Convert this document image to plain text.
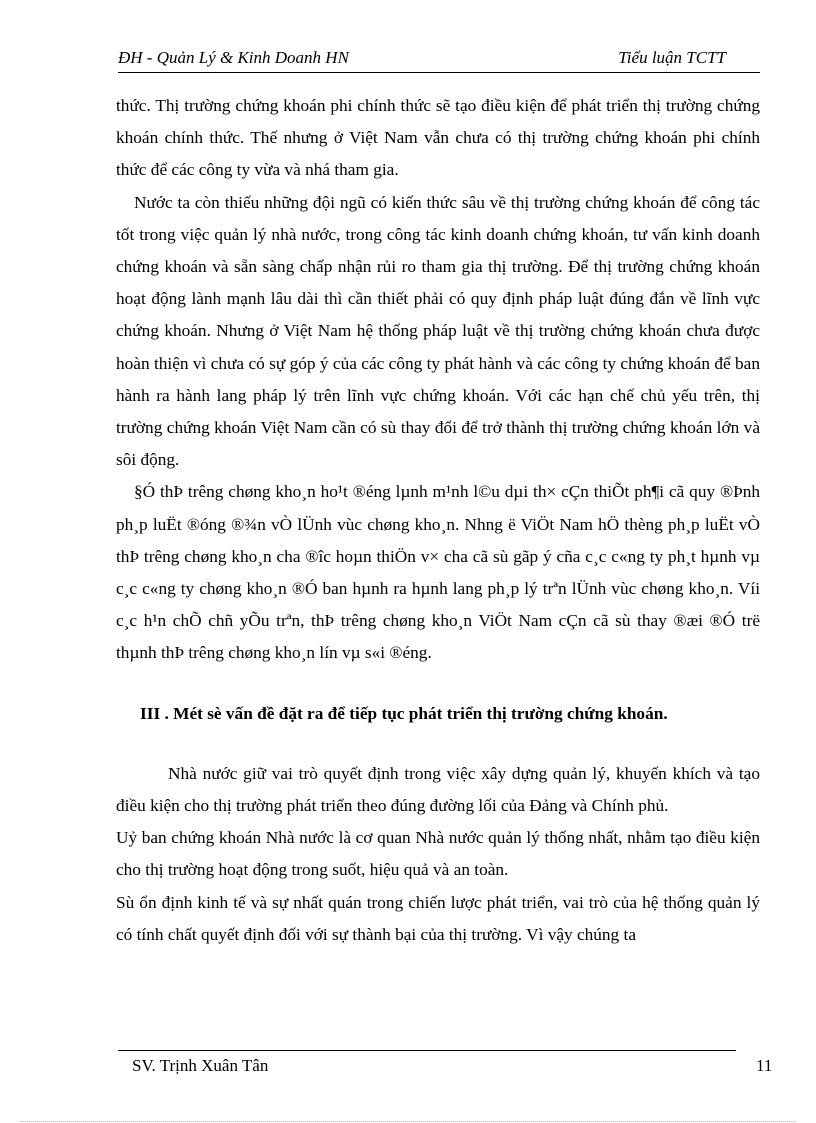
ĐH - Quản Lý & Kinh Doanh HN	Tiểu luận TCTT

thức. Thị trường chứng khoán phi chính thức sẽ tạo điều kiện để phát triển thị trường chứng khoán chính thức. Thế nhưng ở Việt Nam vẫn chưa có thị trường chứng khoán phi chính thức để các công ty vừa và nhá tham gia.

Nước ta còn thiếu những đội ngũ có kiến thức sâu về thị trường chứng khoán để công tác tốt trong việc quản lý nhà nước, trong công tác kinh doanh chứng khoán, tư vấn kinh doanh chứng khoán và sẵn sàng chấp nhận rủi ro tham gia thị trường. Để thị trường chứng khoán hoạt động lành mạnh lâu dài thì cần thiết phải có quy định pháp luật đúng đắn về lĩnh vực chứng khoán. Nhưng ở Việt Nam hệ thống pháp luật về thị trường chứng khoán chưa được hoàn thiện vì chưa có sự góp ý của các công ty phát hành và các công ty chứng khoán để ban hành ra hành lang pháp lý trên lĩnh vực chứng khoán. Với các hạn chế chủ yếu trên, thị trường chứng khoán Việt Nam cần có sù thay đổi để trở thành thị trường chứng khoán lớn và sôi động.

§Ó thÞ trêng chøng kho¸n ho¹t ®éng lµnh m¹nh l©u dµi th× cÇn thiÕt ph¶i cã quy ®Þnh ph¸p luËt ®óng ®¾n vÒ lÜnh vùc chøng kho¸n. Nhng ë ViÖt Nam hÖ thèng ph¸p luËt vÒ thÞ trêng chøng kho¸n cha ®îc hoµn thiÖn v× cha cã sù gãp ý cña c¸c c«ng ty ph¸t hµnh vµ c¸c c«ng ty chøng kho¸n ®Ó ban hµnh ra hµnh lang ph¸p lý trªn lÜnh vùc chøng kho¸n. Víi c¸c h¹n chÕ chñ yÕu trªn, thÞ trêng chøng kho¸n ViÖt Nam cÇn cã sù thay ®æi ®Ó trë thµnh thÞ trêng chøng kho¸n lín vµ s«i ®éng.

III . Mét sè vấn đề đặt ra để tiếp tục phát triển thị trường chứng khoán.

Nhà nước giữ vai trò quyết định trong việc xây dựng quản lý, khuyến khích và tạo điều kiện cho thị trường phát triển theo đúng đường lối của Đảng và Chính phủ.

Uỷ ban chứng khoán Nhà nước là cơ quan Nhà nước quản lý thống nhất, nhằm tạo điều kiện cho thị trường hoạt động trong suốt, hiệu quả và an toàn.

Sù ổn định kinh tế và sự nhất quán trong chiến lược phát triển, vai trò của hệ thống quản lý có tính chất quyết định đối với sự thành bại của thị trường. Vì vậy chúng ta

SV. Trịnh Xuân Tân	11
